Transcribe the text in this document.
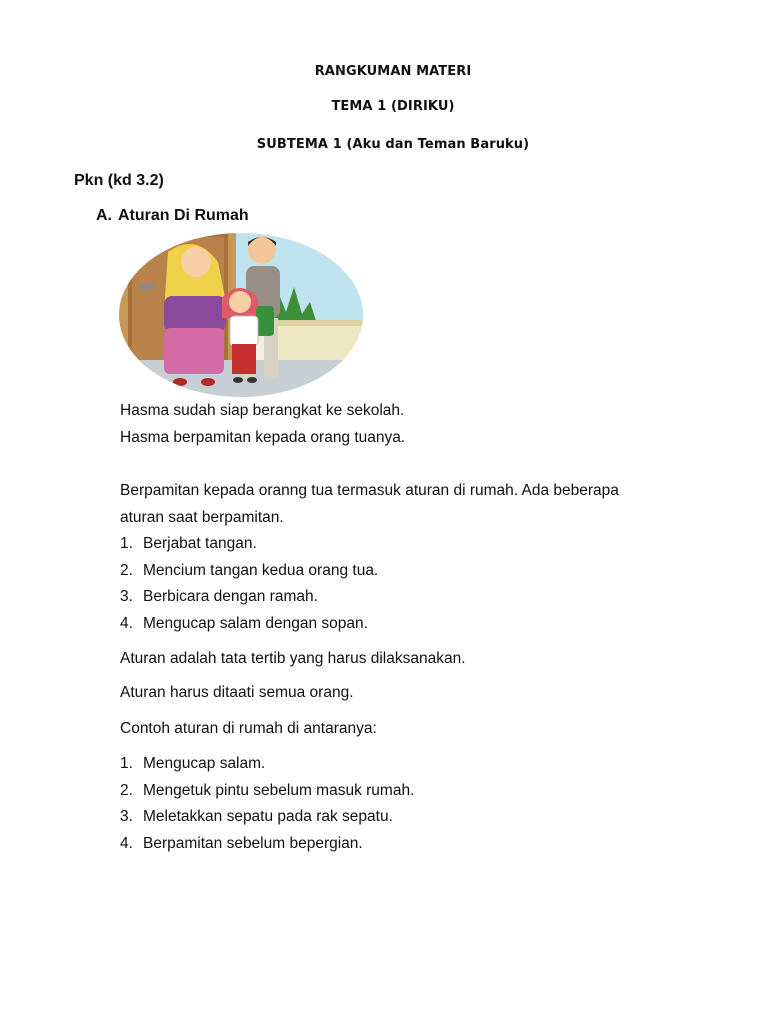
RANGKUMAN MATERI
TEMA 1 (DIRIKU)
SUBTEMA 1 (Aku dan Teman Baruku)
Pkn (kd 3.2)
A. Aturan Di Rumah
Hasma sudah siap berangkat ke sekolah.
Hasma berpamitan kepada orang tuanya.
Berpamitan kepada oranng tua termasuk aturan di rumah. Ada beberapa
aturan saat berpamitan.
1. Berjabat tangan.
2. Mencium tangan kedua orang tua.
3. Berbicara dengan ramah.
4. Mengucap salam dengan sopan.
Aturan adalah tata tertib yang harus dilaksanakan.
Aturan harus ditaati semua orang.
Contoh aturan di rumah di antaranya:
1. Mengucap salam.
2. Mengetuk pintu sebelum masuk rumah.
3. Meletakkan sepatu pada rak sepatu.
4. Berpamitan sebelum bepergian.
